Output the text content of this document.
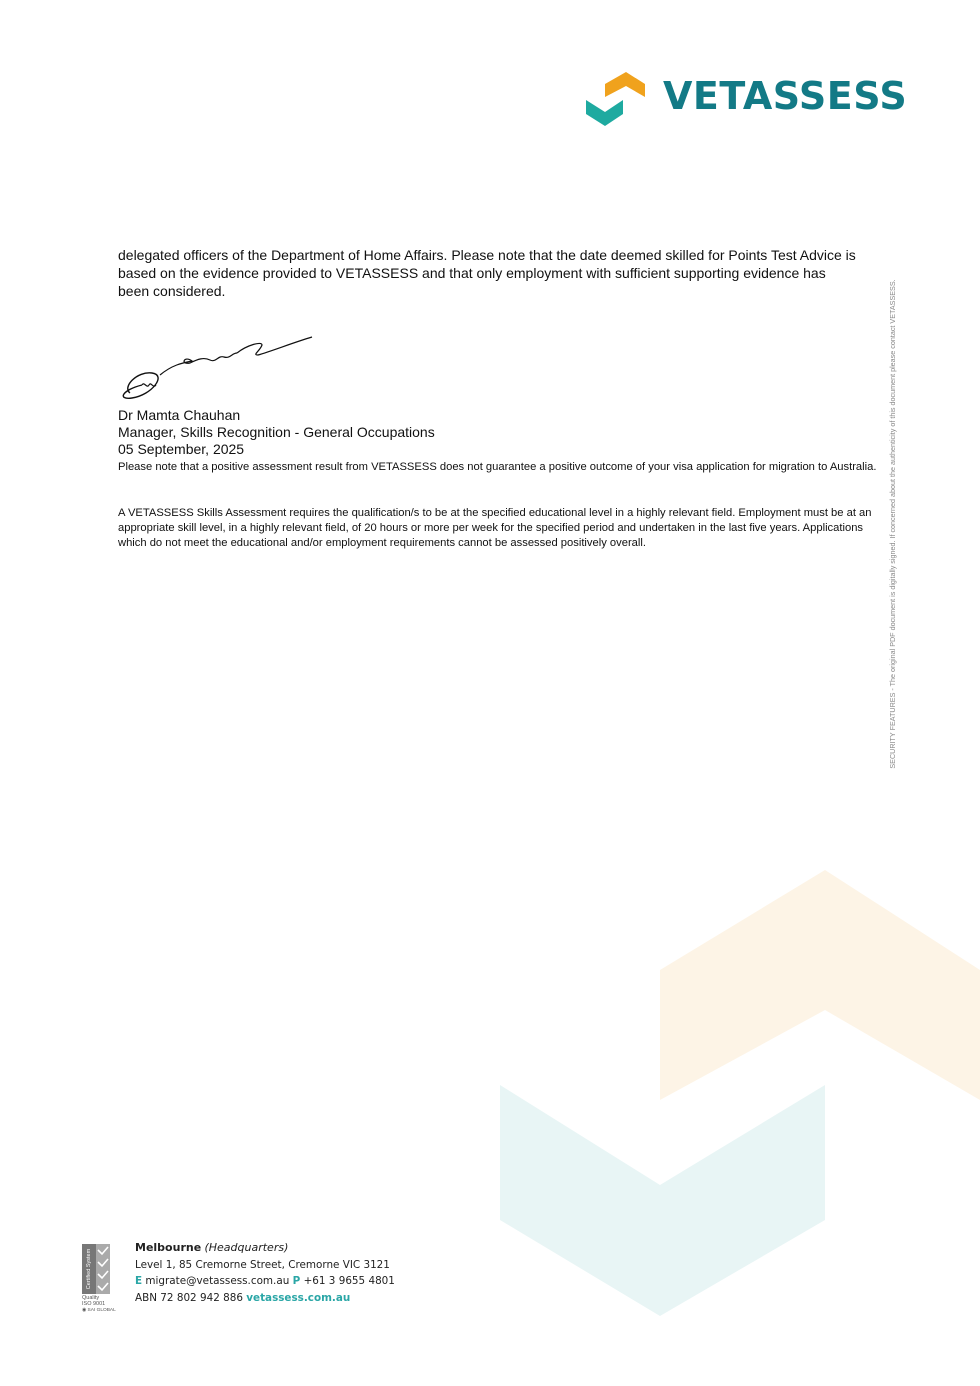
VETASSESS
delegated officers of the Department of Home Affairs. Please note that the date deemed skilled for Points Test Advice is based on the evidence provided to VETASSESS and that only employment with sufficient supporting evidence has been considered.
Dr Mamta Chauhan
Manager, Skills Recognition - General Occupations
05 September, 2025
Please note that a positive assessment result from VETASSESS does not guarantee a positive outcome of your visa application for migration to Australia.
A VETASSESS Skills Assessment requires the qualification/s to be at the specified educational level in a highly relevant field. Employment must be at an appropriate skill level, in a highly relevant field, of 20 hours or more per week for the specified period and undertaken in the last five years. Applications which do not meet the educational and/or employment requirements cannot be assessed positively overall.	SECURITY FEATURES - The original PDF document is digitally signed. If concerned about the authenticity of this document please contact VETASSESS.
Certified System
Quality
ISO 9001
◉ SAI GLOBAL
Melbourne (Headquarters)
Level 1, 85 Cremorne Street, Cremorne VIC 3121
E migrate@vetassess.com.au P +61 3 9655 4801
ABN 72 802 942 886 vetassess.com.au
